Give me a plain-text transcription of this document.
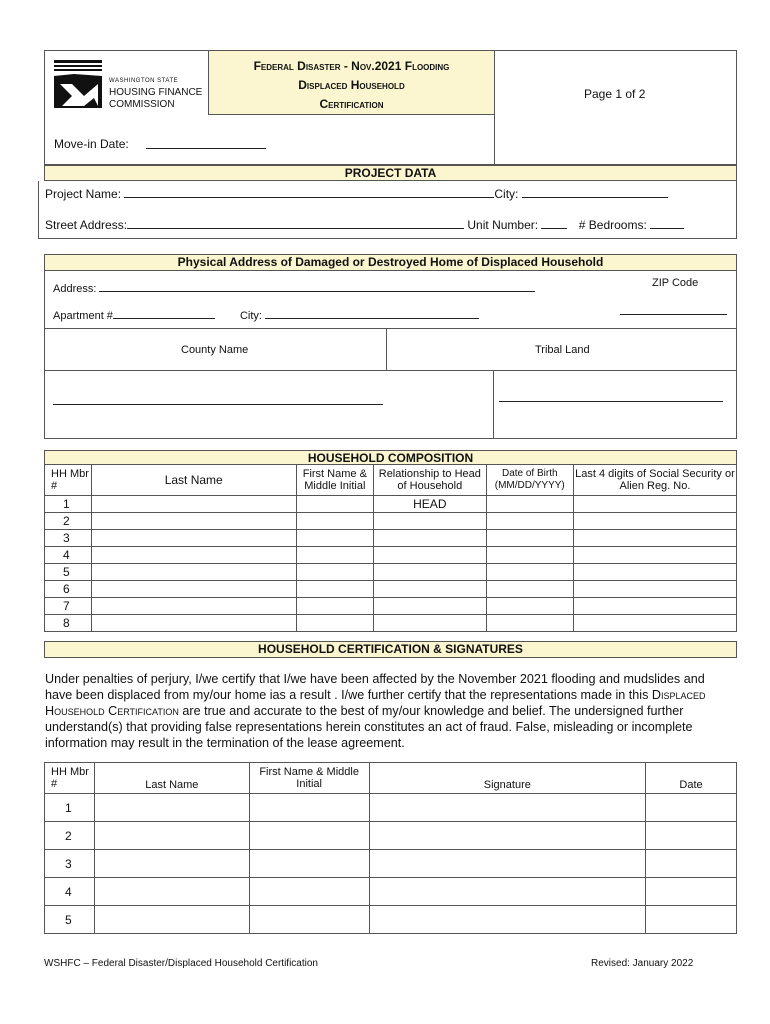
WASHINGTON STATE
HOUSING FINANCE
COMMISSION
Federal Disaster - Nov.2021 Flooding
Displaced Household
Certification
Page 1 of 2
Move-in Date:
PROJECT DATA
Project Name:	City:
Street Address:	Unit Number:	# Bedrooms:
Physical Address of Damaged or Destroyed Home of Displaced Household
Address:	ZIP Code
Apartment #	City:
County Name	Tribal Land
HOUSEHOLD COMPOSITION
HH Mbr #	Last Name	First Name & Middle Initial	Relationship to Head of Household	Date of Birth (MM/DD/YYYY)	Last 4 digits of Social Security or Alien Reg. No.
1			HEAD		
2					
3					
4					
5					
6					
7					
8					
HOUSEHOLD CERTIFICATION & SIGNATURES
Under penalties of perjury, I/we certify that I/we have been affected by the November 2021 flooding and mudslides and have been displaced from my/our home ias a result . I/we further certify that the representations made in this Displaced Household Certification are true and accurate to the best of my/our knowledge and belief. The undersigned further understand(s) that providing false representations herein constitutes an act of fraud. False, misleading or incomplete information may result in the termination of the lease agreement.
HH Mbr #	Last Name	First Name & Middle Initial	Signature	Date
1				
2				
3				
4				
5				
WSHFC – Federal Disaster/Displaced Household Certification	Revised: January 2022
